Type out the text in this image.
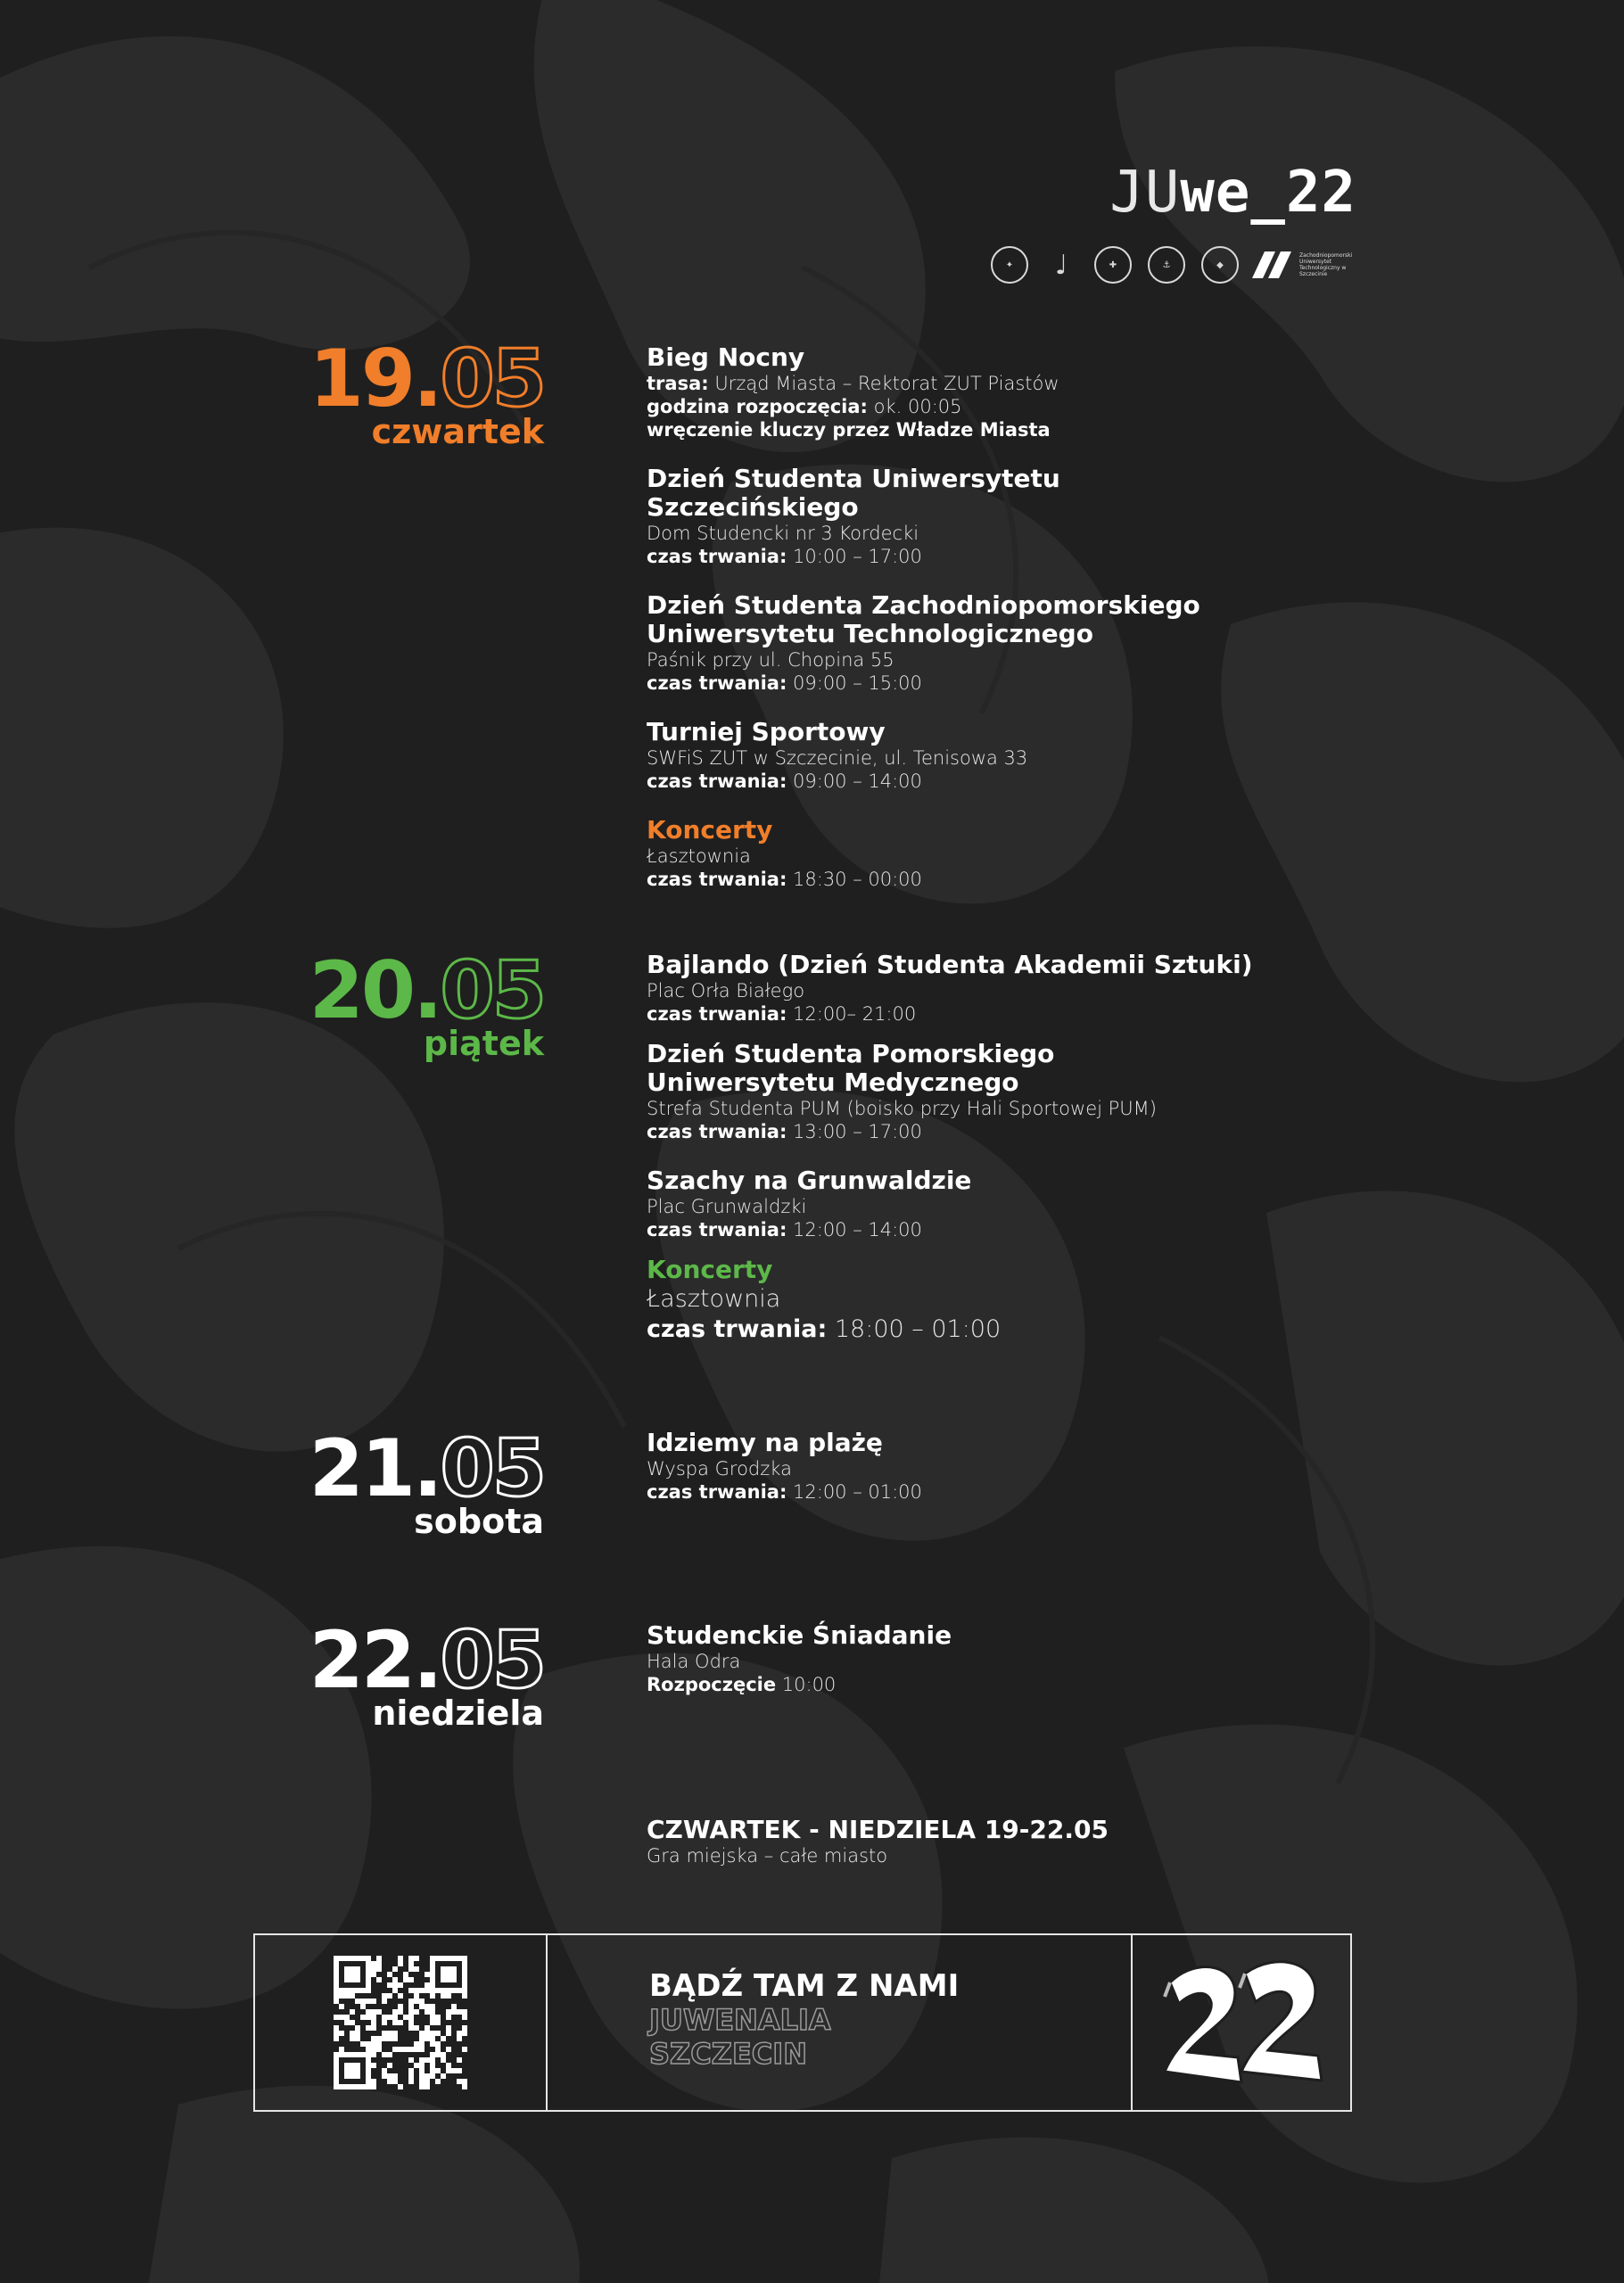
JUwe_22
✦	♩	✚	⚓	◆
Zachodniopomorski Uniwersytet Technologiczny w Szczecinie
19.05
czwartek
Bieg Nocny
trasa: Urząd Miasta – Rektorat ZUT Piastów
godzina rozpoczęcia: ok. 00:05
wręczenie kluczy przez Władze Miasta
Dzień Studenta Uniwersytetu Szczecińskiego
Dom Studencki nr 3 Kordecki
czas trwania: 10:00 – 17:00
Dzień Studenta Zachodniopomorskiego Uniwersytetu Technologicznego
Paśnik przy ul. Chopina 55
czas trwania: 09:00 – 15:00
Turniej Sportowy
SWFiS ZUT w Szczecinie, ul. Tenisowa 33
czas trwania: 09:00 – 14:00
Koncerty
Łasztownia
czas trwania: 18:30 – 00:00
20.05
piątek
Bajlando (Dzień Studenta Akademii Sztuki)
Plac Orła Białego
czas trwania: 12:00– 21:00
Dzień Studenta Pomorskiego Uniwersytetu Medycznego
Strefa Studenta PUM (boisko przy Hali Sportowej PUM)
czas trwania: 13:00 – 17:00
Szachy na Grunwaldzie
Plac Grunwaldzki
czas trwania: 12:00 – 14:00
Koncerty
Łasztownia
czas trwania: 18:00 – 01:00
21.05
sobota
Idziemy na plażę
Wyspa Grodzka
czas trwania: 12:00 – 01:00
22.05
niedziela
Studenckie Śniadanie
Hala Odra
Rozpoczęcie 10:00
CZWARTEK - NIEDZIELA 19-22.05
Gra miejska – całe miasto
BĄDŹ TAM Z NAMI
JUWENALIA
SZCZECIN
